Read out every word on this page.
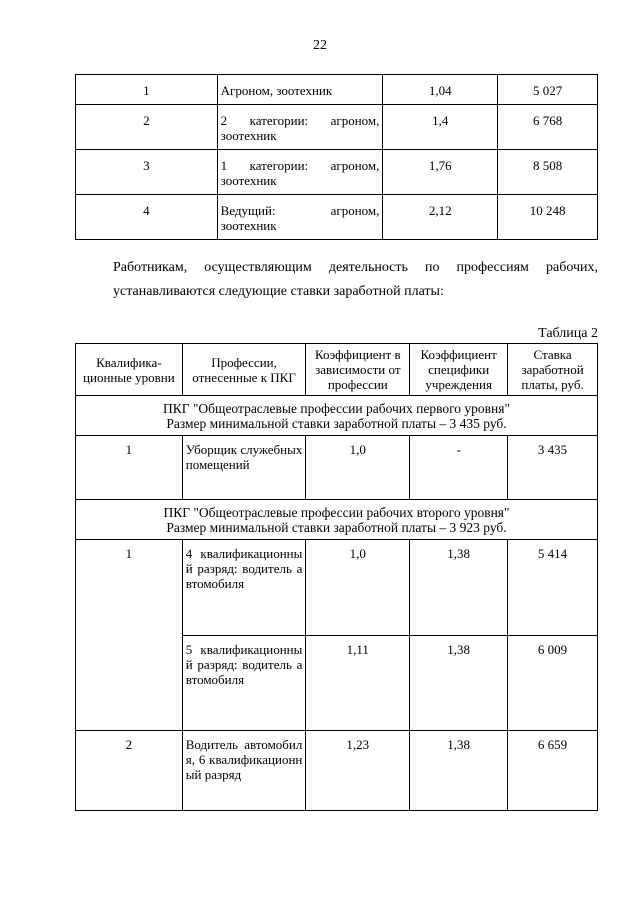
22
1	Агроном, зоотехник	1,04	5 027
2	2 категории: агроном, зоотехник	1,4	6 768
3	1 категории: агроном, зоотехник	1,76	8 508
4	Ведущий: агроном, зоотехник	2,12	10 248
Работникам, осуществляющим деятельность по профессиям рабочих, устанавливаются следующие ставки заработной платы:
Таблица 2
Квалифика-ционные уровни	Профессии, отнесенные к ПКГ	Коэффициент в зависимости от профессии	Коэффициент специфики учреждения	Ставка заработной платы, руб.

ПКГ "Общеотраслевые профессии рабочих первого уровня"
Размер минимальной ставки заработной платы – 3 435 руб.				

1	Уборщик служебных помещений	1,0	-	3 435

ПКГ "Общеотраслевые профессии рабочих второго уровня"
Размер минимальной ставки заработной платы – 3 923 руб.				

1	4 квалификационный разряд: водитель автомобиля	1,0	1,38	5 414
	5 квалификационный разряд: водитель автомобиля	1,11	1,38	6 009
2	Водитель автомобиля, 6 квалификационный разряд	1,23	1,38	6 659
